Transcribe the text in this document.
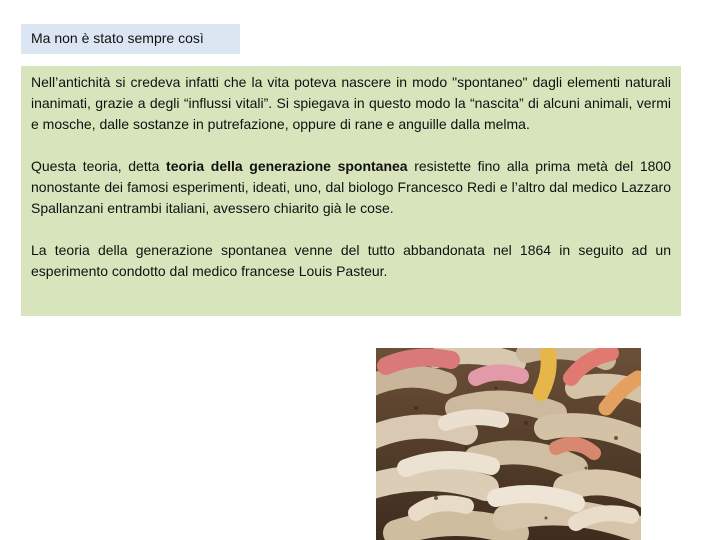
Ma non è stato sempre così

Nell’antichità si credeva infatti che la vita poteva nascere in modo "spontaneo" dagli elementi naturali inanimati, grazie a degli “influssi vitali”. Si spiegava in questo modo la “nascita” di alcuni animali, vermi e mosche, dalle sostanze in putrefazione, oppure di rane e anguille dalla melma.

Questa teoria, detta teoria della generazione spontanea resistette fino alla prima metà del 1800 nonostante dei famosi esperimenti, ideati, uno, dal biologo Francesco Redi e l’altro dal medico Lazzaro Spallanzani entrambi italiani, avessero chiarito già le cose.

La teoria della generazione spontanea venne del tutto abbandonata nel 1864 in seguito ad un esperimento condotto dal medico francese Louis Pasteur.
